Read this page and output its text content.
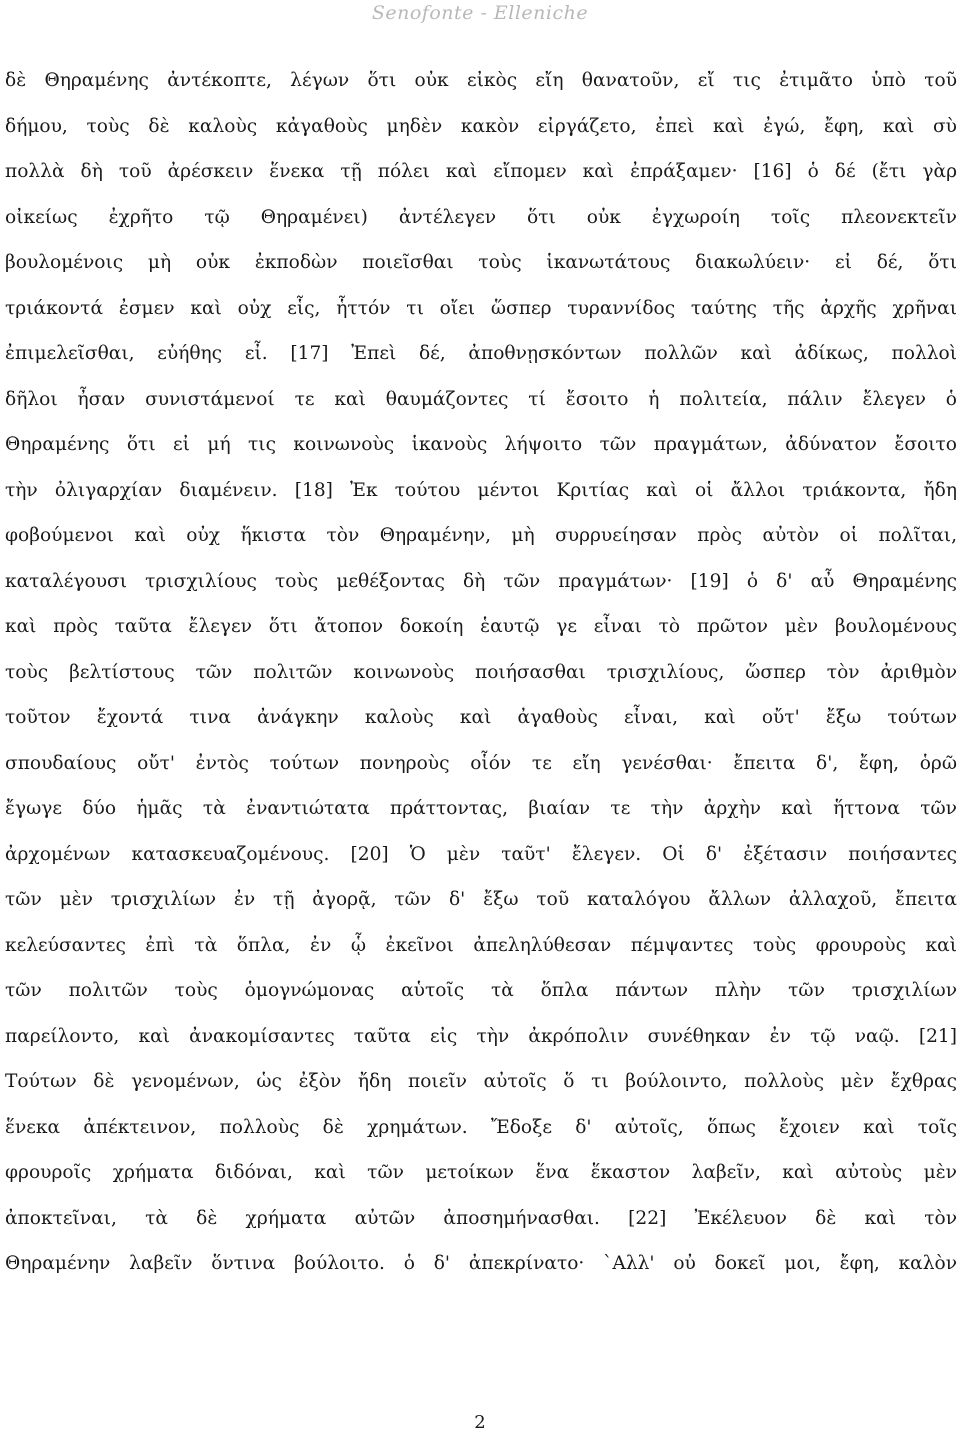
Senofonte - Elleniche
δὲ Θηραμένης ἀντέκοπτε, λέγων ὅτι οὐκ εἰκὸς εἴη θανατοῦν, εἴ τις ἐτιμᾶτο ὑπὸ τοῦ
δήμου, τοὺς δὲ καλοὺς κἀγαθοὺς μηδὲν κακὸν εἰργάζετο, ἐπεὶ καὶ ἐγώ, ἔφη, καὶ σὺ
πολλὰ δὴ τοῦ ἀρέσκειν ἕνεκα τῇ πόλει καὶ εἴπομεν καὶ ἐπράξαμεν· [16] ὁ δέ (ἔτι γὰρ
οἰκείως ἐχρῆτο τῷ Θηραμένει) ἀντέλεγεν ὅτι οὐκ ἐγχωροίη τοῖς πλεονεκτεῖν
βουλομένοις μὴ οὐκ ἐκποδὼν ποιεῖσθαι τοὺς ἱκανωτάτους διακωλύειν· εἰ δέ, ὅτι
τριάκοντά ἐσμεν καὶ οὐχ εἷς, ἧττόν τι οἴει ὥσπερ τυραννίδος ταύτης τῆς ἀρχῆς χρῆναι
ἐπιμελεῖσθαι, εὐήθης εἶ. [17] Ἐπεὶ δέ, ἀποθνῃσκόντων πολλῶν καὶ ἀδίκως, πολλοὶ
δῆλοι ἦσαν συνιστάμενοί τε καὶ θαυμάζοντες τί ἔσοιτο ἡ πολιτεία, πάλιν ἔλεγεν ὁ
Θηραμένης ὅτι εἰ μή τις κοινωνοὺς ἱκανοὺς λήψοιτο τῶν πραγμάτων, ἀδύνατον ἔσοιτο
τὴν ὀλιγαρχίαν διαμένειν. [18] Ἐκ τούτου μέντοι Κριτίας καὶ οἱ ἄλλοι τριάκοντα, ἤδη
φοβούμενοι καὶ οὐχ ἥκιστα τὸν Θηραμένην, μὴ συρρυείησαν πρὸς αὐτὸν οἱ πολῖται,
καταλέγουσι τρισχιλίους τοὺς μεθέξοντας δὴ τῶν πραγμάτων· [19] ὁ δ' αὖ Θηραμένης
καὶ πρὸς ταῦτα ἔλεγεν ὅτι ἄτοπον δοκοίη ἑαυτῷ γε εἶναι τὸ πρῶτον μὲν βουλομένους
τοὺς βελτίστους τῶν πολιτῶν κοινωνοὺς ποιήσασθαι τρισχιλίους, ὥσπερ τὸν ἀριθμὸν
τοῦτον ἔχοντά τινα ἀνάγκην καλοὺς καὶ ἀγαθοὺς εἶναι, καὶ οὔτ' ἔξω τούτων
σπουδαίους οὔτ' ἐντὸς τούτων πονηροὺς οἷόν τε εἴη γενέσθαι· ἔπειτα δ', ἔφη, ὁρῶ
ἔγωγε δύο ἡμᾶς τὰ ἐναντιώτατα πράττοντας, βιαίαν τε τὴν ἀρχὴν καὶ ἥττονα τῶν
ἀρχομένων κατασκευαζομένους. [20] Ὁ μὲν ταῦτ' ἔλεγεν. Οἱ δ' ἐξέτασιν ποιήσαντες
τῶν μὲν τρισχιλίων ἐν τῇ ἀγορᾷ, τῶν δ' ἔξω τοῦ καταλόγου ἄλλων ἀλλαχοῦ, ἔπειτα
κελεύσαντες ἐπὶ τὰ ὅπλα, ἐν ᾧ ἐκεῖνοι ἀπεληλύθεσαν πέμψαντες τοὺς φρουροὺς καὶ
τῶν πολιτῶν τοὺς ὁμογνώμονας αὑτοῖς τὰ ὅπλα πάντων πλὴν τῶν τρισχιλίων
παρείλοντο, καὶ ἀνακομίσαντες ταῦτα εἰς τὴν ἀκρόπολιν συνέθηκαν ἐν τῷ ναῷ. [21]
Τούτων δὲ γενομένων, ὡς ἐξὸν ἤδη ποιεῖν αὐτοῖς ὅ τι βούλοιντο, πολλοὺς μὲν ἔχθρας
ἕνεκα ἀπέκτεινον, πολλοὺς δὲ χρημάτων. Ἔδοξε δ' αὐτοῖς, ὅπως ἔχοιεν καὶ τοῖς
φρουροῖς χρήματα διδόναι, καὶ τῶν μετοίκων ἕνα ἕκαστον λαβεῖν, καὶ αὐτοὺς μὲν
ἀποκτεῖναι, τὰ δὲ χρήματα αὐτῶν ἀποσημήνασθαι. [22] Ἐκέλευον δὲ καὶ τὸν
Θηραμένην λαβεῖν ὅντινα βούλοιτο. ὁ δ' ἀπεκρίνατο· `Αλλ' οὐ δοκεῖ μοι, ἔφη, καλὸν
2
